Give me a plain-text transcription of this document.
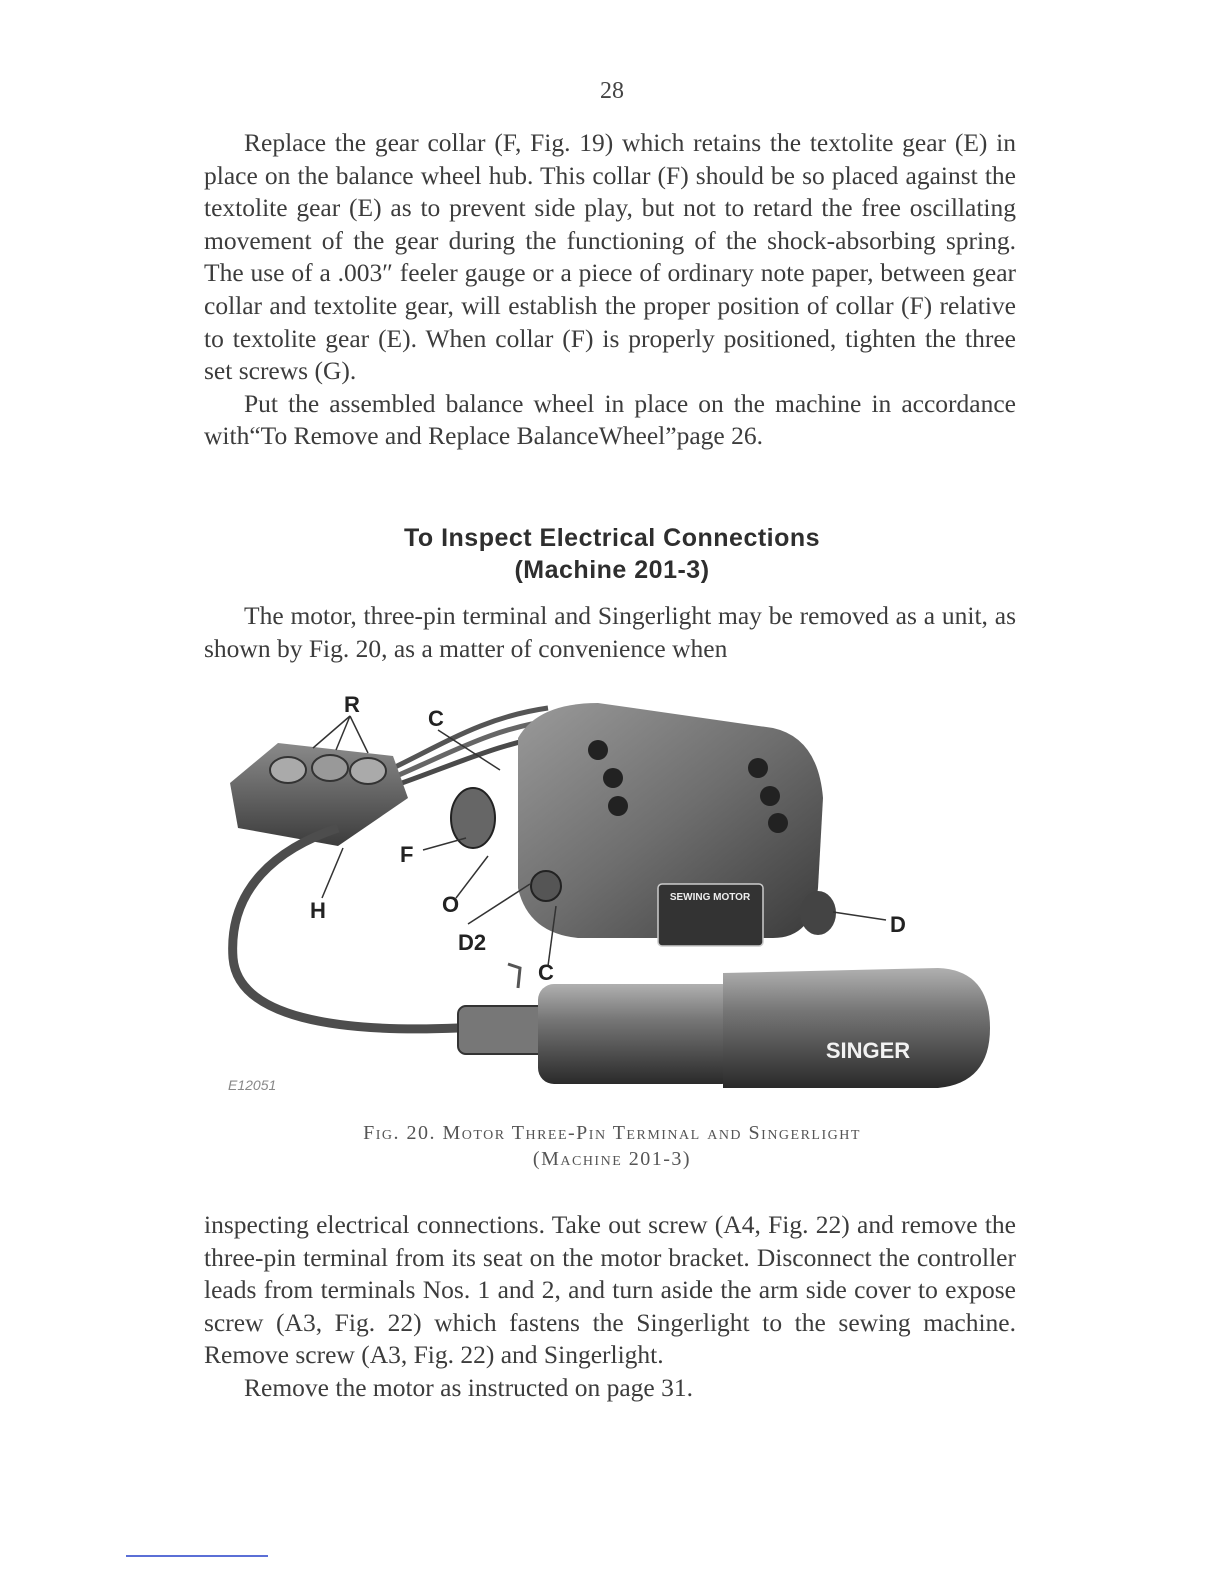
28

Replace the gear collar (F, Fig. 19) which retains the textolite gear (E) in place on the balance wheel hub. This collar (F) should be so placed against the textolite gear (E) as to prevent side play, but not to retard the free oscillating movement of the gear during the functioning of the shock-absorbing spring. The use of a .003″ feeler gauge or a piece of ordinary note paper, between gear collar and textolite gear, will establish the proper position of collar (F) relative to textolite gear (E). When collar (F) is properly positioned, tighten the three set screws (G).

Put the assembled balance wheel in place on the machine in accordance with“To Remove and Replace BalanceWheel”page 26.

To Inspect Electrical Connections
(Machine 201-3)

The motor, three-pin terminal and Singerlight may be removed as a unit, as shown by Fig. 20, as a matter of convenience when

SEWING MOTOR
SINGER
R
C
F
H	O
D2
C
D
E12051
Fig. 20. Motor Three-Pin Terminal and Singerlight
(Machine 201-3)

inspecting electrical connections. Take out screw (A4, Fig. 22) and remove the three-pin terminal from its seat on the motor bracket. Disconnect the controller leads from terminals Nos. 1 and 2, and turn aside the arm side cover to expose screw (A3, Fig. 22) which fastens the Singerlight to the sewing machine. Remove screw (A3, Fig. 22) and Singerlight.

Remove the motor as instructed on page 31.
